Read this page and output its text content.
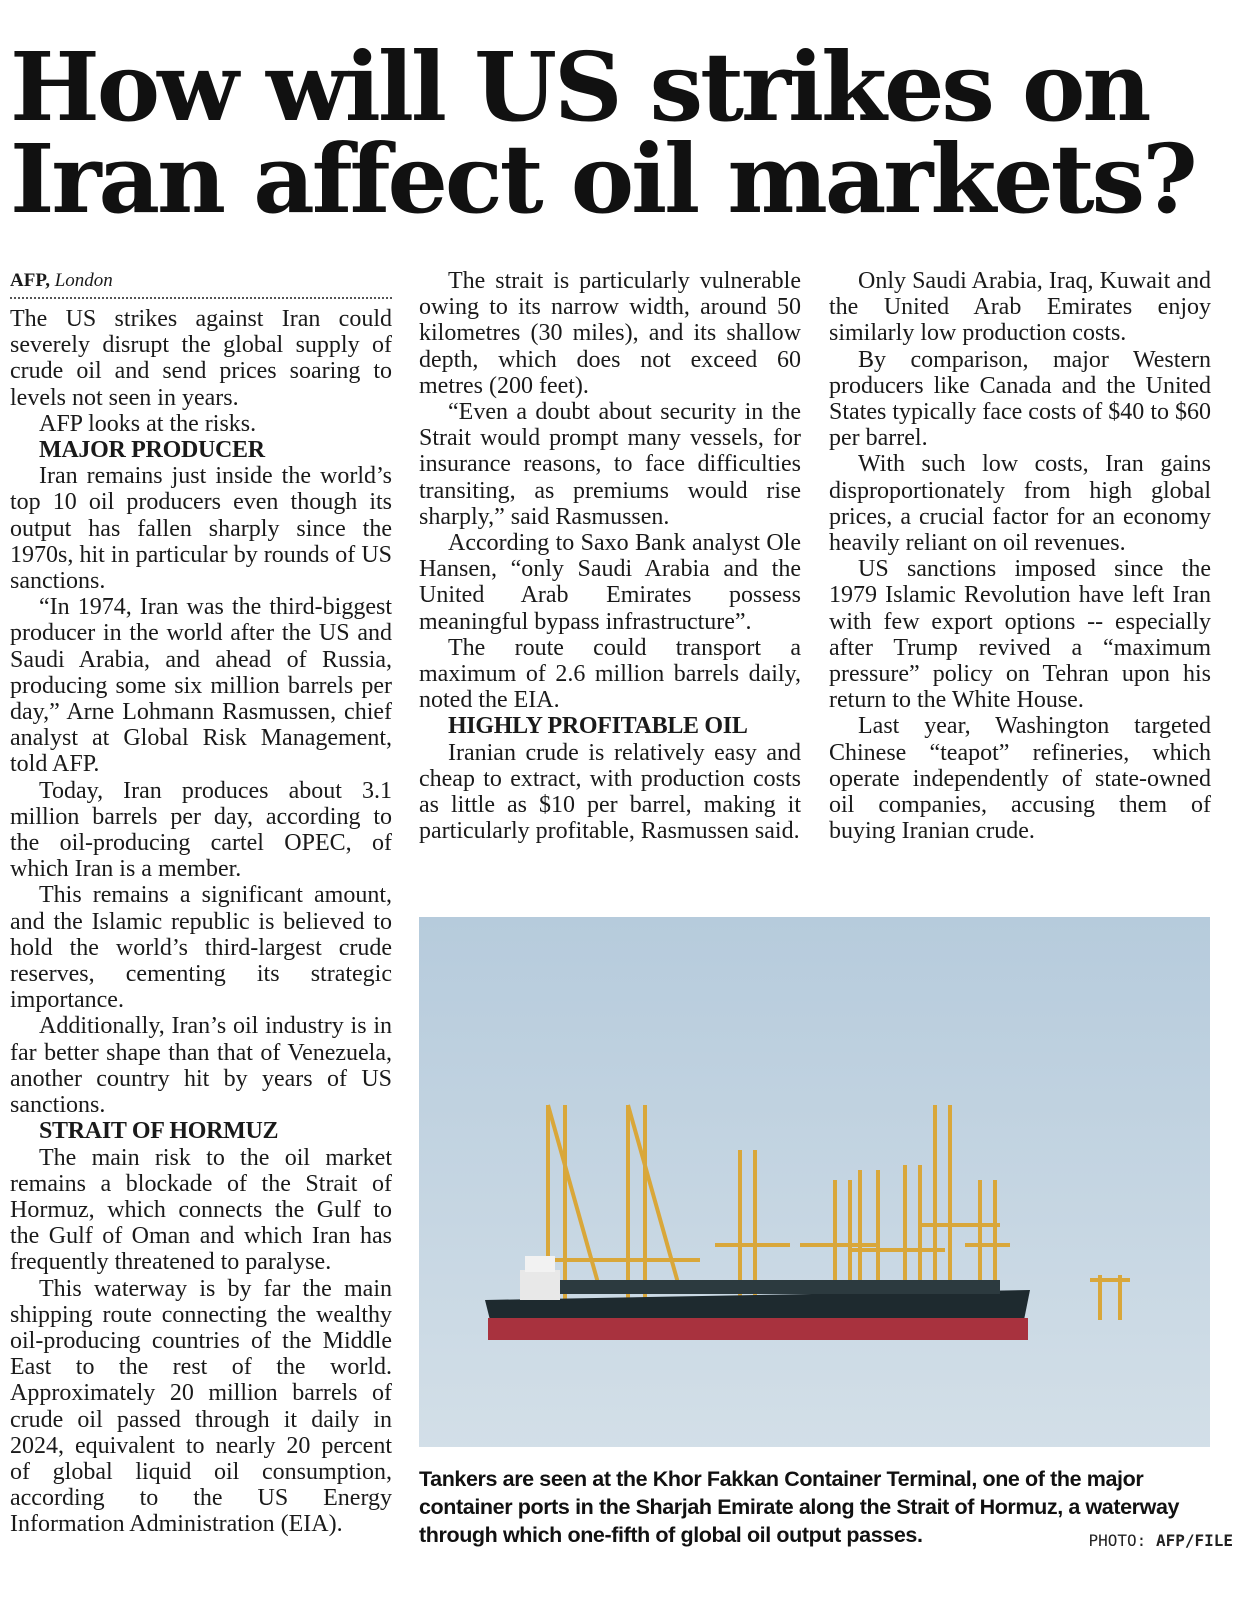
How will US strikes on Iran affect oil markets?
AFP, London

The US strikes against Iran could severely disrupt the global supply of crude oil and send prices soaring to levels not seen in years.

AFP looks at the risks.

MAJOR PRODUCER

Iran remains just inside the world’s top 10 oil producers even though its output has fallen sharply since the 1970s, hit in particular by rounds of US sanctions.

“In 1974, Iran was the third-biggest producer in the world after the US and Saudi Arabia, and ahead of Russia, producing some six million barrels per day,” Arne Lohmann Rasmussen, chief analyst at Global Risk Management, told AFP.

Today, Iran produces about 3.1 million barrels per day, according to the oil-producing cartel OPEC, of which Iran is a member.

This remains a significant amount, and the Islamic republic is believed to hold the world’s third-largest crude reserves, cementing its strategic importance.

Additionally, Iran’s oil industry is in far better shape than that of Venezuela, another country hit by years of US sanctions.

STRAIT OF HORMUZ

The main risk to the oil market remains a blockade of the Strait of Hormuz, which connects the Gulf to the Gulf of Oman and which Iran has frequently threatened to paralyse.

This waterway is by far the main shipping route connecting the wealthy oil-producing countries of the Middle East to the rest of the world. Approximately 20 million barrels of crude oil passed through it daily in 2024, equivalent to nearly 20 percent of global liquid oil consumption, according to the US Energy Information Administration (EIA).

The strait is particularly vulnerable owing to its narrow width, around 50 kilometres (30 miles), and its shallow depth, which does not exceed 60 metres (200 feet).

“Even a doubt about security in the Strait would prompt many vessels, for insurance reasons, to face difficulties transiting, as premiums would rise sharply,” said Rasmussen.

According to Saxo Bank analyst Ole Hansen, “only Saudi Arabia and the United Arab Emirates possess meaningful bypass infrastructure”.

The route could transport a maximum of 2.6 million barrels daily, noted the EIA.

HIGHLY PROFITABLE OIL

Iranian crude is relatively easy and cheap to extract, with production costs as little as $10 per barrel, making it particularly profitable, Rasmussen said.

Only Saudi Arabia, Iraq, Kuwait and the United Arab Emirates enjoy similarly low production costs.

By comparison, major Western producers like Canada and the United States typically face costs of $40 to $60 per barrel.

With such low costs, Iran gains disproportionately from high global prices, a crucial factor for an economy heavily reliant on oil revenues.

US sanctions imposed since the 1979 Islamic Revolution have left Iran with few export options -- especially after Trump revived a “maximum pressure” policy on Tehran upon his return to the White House.

Last year, Washington targeted Chinese “teapot” refineries, which operate independently of state-owned oil companies, accusing them of buying Iranian crude.

Tankers are seen at the Khor Fakkan Container Terminal, one of the major container ports in the Sharjah Emirate along the Strait of Hormuz, a waterway through which one-fifth of global oil output passes.	PHOTO: AFP/FILE
